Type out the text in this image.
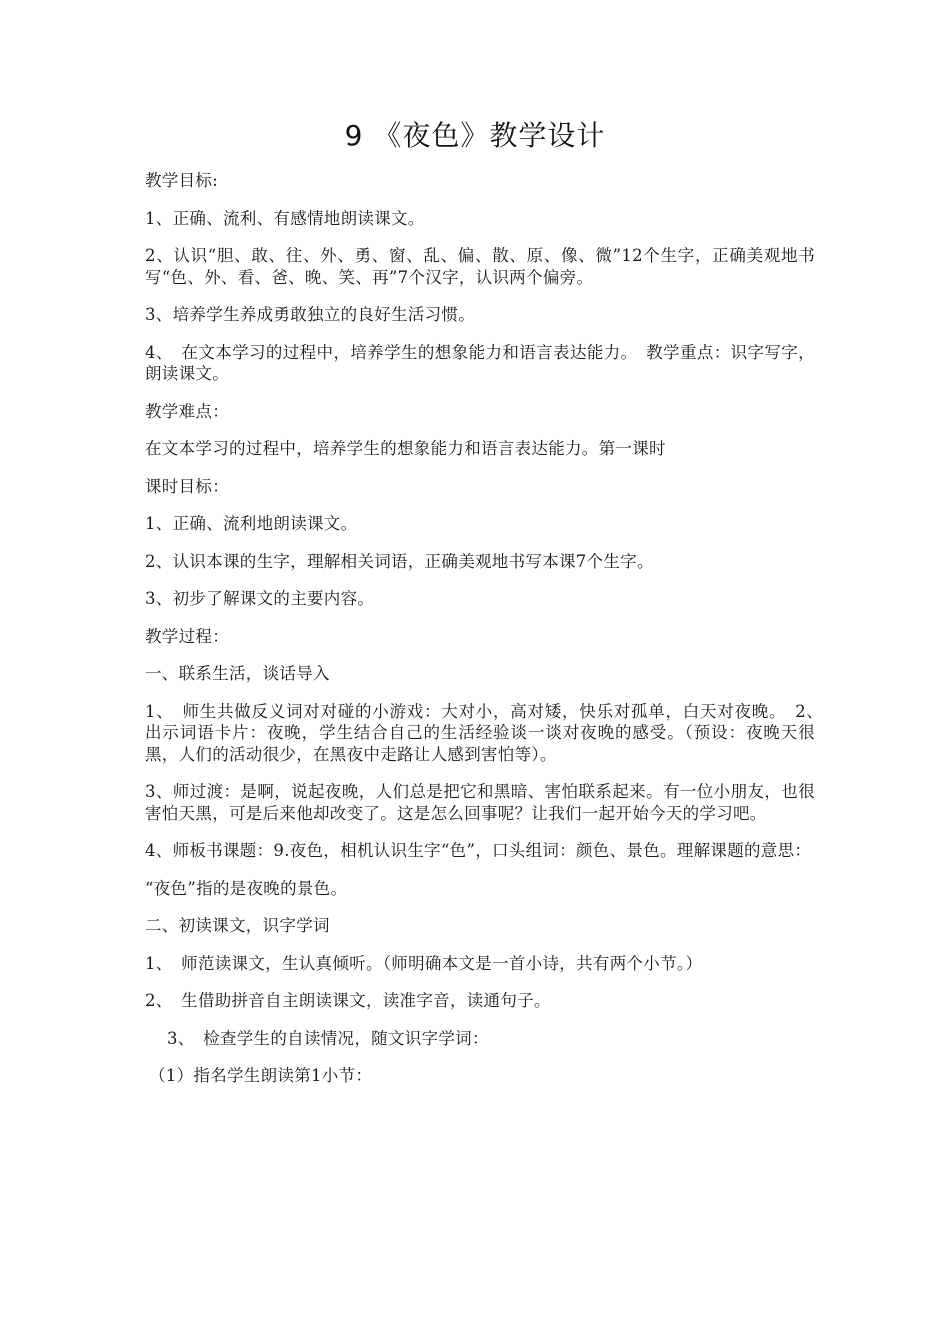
9 《夜色》教学设计

教学目标:

1、正确、流利、有感情地朗读课文。

2、认识“胆、敢、往、外、勇、窗、乱、偏、散、原、像、微”12个生字，正确美观地书写“色、外、看、爸、晚、笑、再”7个汉字，认识两个偏旁。

3、培养学生养成勇敢独立的良好生活习惯。

4、　在文本学习的过程中，培养学生的想象能力和语言表达能力。　教学重点：识字写字，朗读课文。

教学难点：

在文本学习的过程中，培养学生的想象能力和语言表达能力。第一课时

课时目标：

1、正确、流利地朗读课文。

2、认识本课的生字，理解相关词语，正确美观地书写本课7个生字。

3、初步了解课文的主要内容。

教学过程：

一、联系生活，谈话导入

1、　师生共做反义词对对碰的小游戏：大对小，高对矮，快乐对孤单，白天对夜晚。　2、　出示词语卡片：夜晚，学生结合自己的生活经验谈一谈对夜晚的感受。（预设：夜晚天很黑，人们的活动很少，在黑夜中走路让人感到害怕等）。

3、师过渡：是啊，说起夜晚，人们总是把它和黑暗、害怕联系起来。有一位小朋友，也很害怕天黑，可是后来他却改变了。这是怎么回事呢？让我们一起开始今天的学习吧。

4、师板书课题：9.夜色，相机认识生字“色”，口头组词：颜色、景色。理解课题的意思：

“夜色”指的是夜晚的景色。

二、初读课文，识字学词

1、　师范读课文，生认真倾听。（师明确本文是一首小诗，共有两个小节。）

2、　生借助拼音自主朗读课文，读准字音，读通句子。

3、　检查学生的自读情况，随文识字学词：

（1）指名学生朗读第1小节：
